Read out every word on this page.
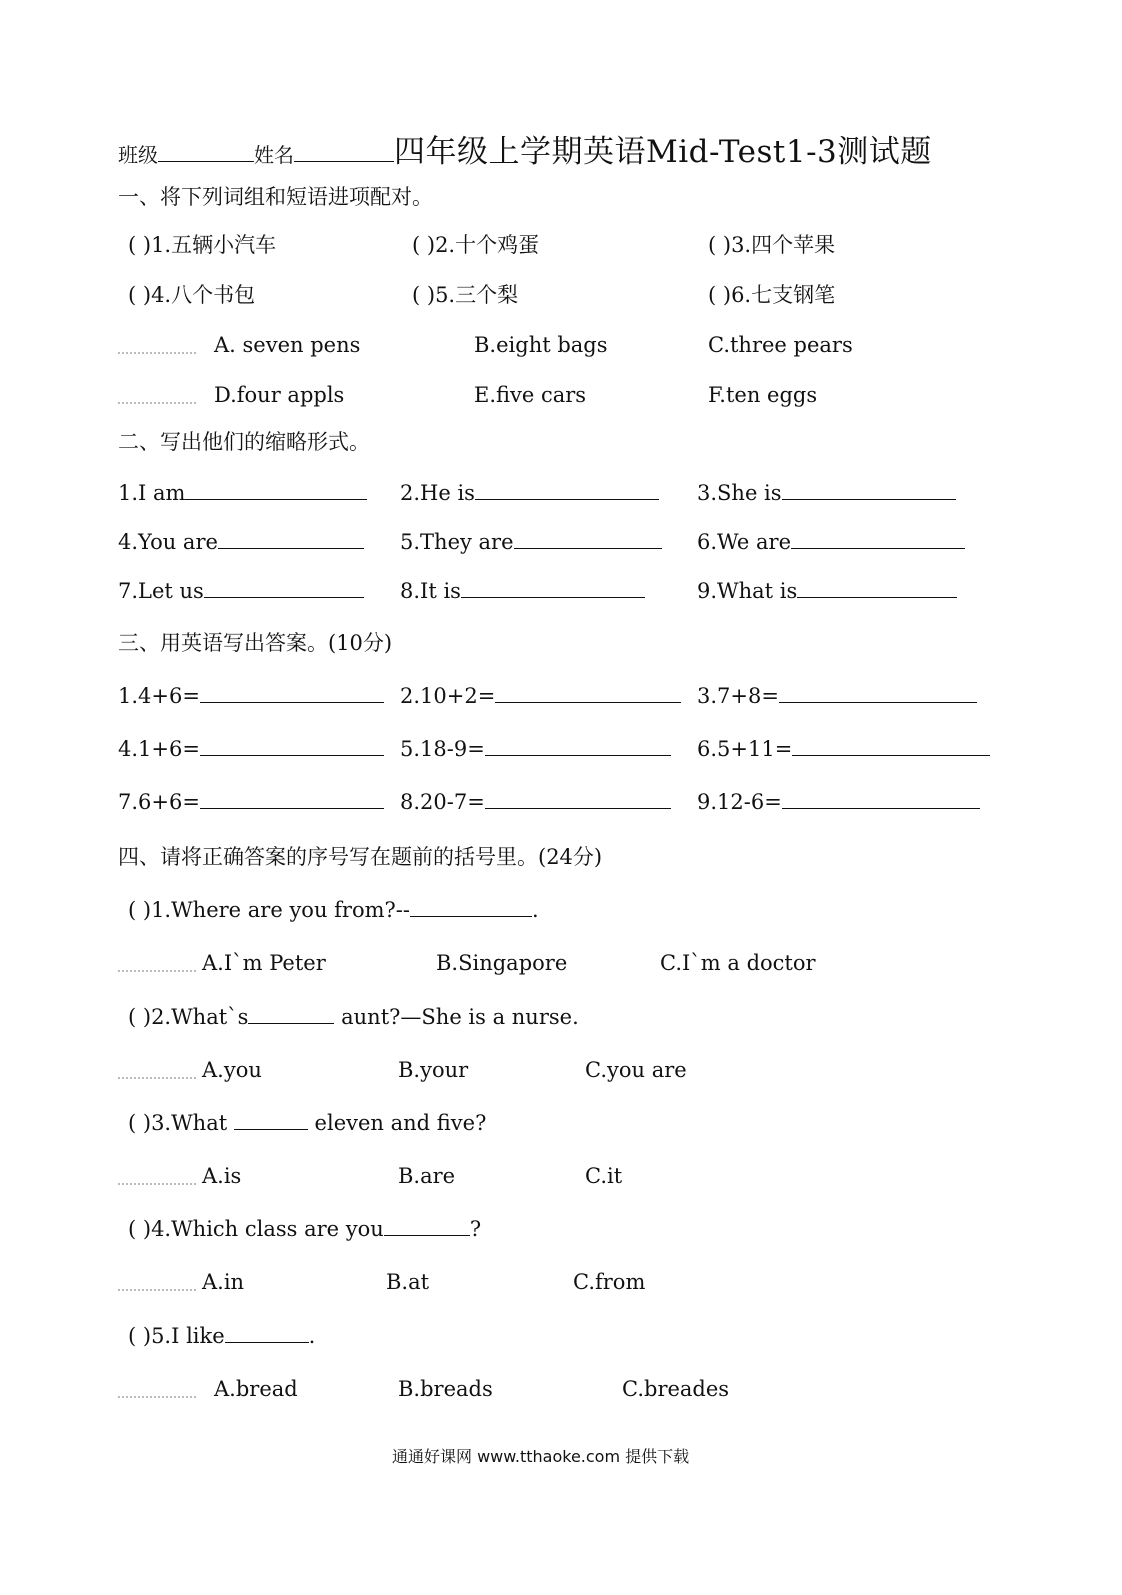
班级	姓名	四年级上学期英语Mid-Test1-3测试题
一、将下列词组和短语进项配对。
( )1.五辆小汽车	( )2.十个鸡蛋	( )3.四个苹果
( )4.八个书包	( )5.三个梨	( )6.七支钢笔
A. seven pens	B.eight bags	C.three pears
D.four appls	E.five cars	F.ten eggs
二、写出他们的缩略形式。
1.I am	2.He is	3.She is
4.You are	5.They are	6.We are
7.Let us	8.It is	9.What is
三、用英语写出答案。(10分)
1.4+6=	2.10+2=	3.7+8=
4.1+6=	5.18-9=	6.5+11=
7.6+6=	8.20-7=	9.12-6=
四、请将正确答案的序号写在题前的括号里。(24分)
( )1.Where are you from?--	.
A.I`m Peter	B.Singapore	C.I`m a doctor
( )2.What`s	aunt?—She is a nurse.
A.you	B.your	C.you are
( )3.What	eleven and five?
A.is	B.are	C.it
( )4.Which class are you	?
A.in	B.at	C.from
( )5.I like	.
A.bread	B.breads	C.breades
通通好课网 www.tthaoke.com 提供下载
